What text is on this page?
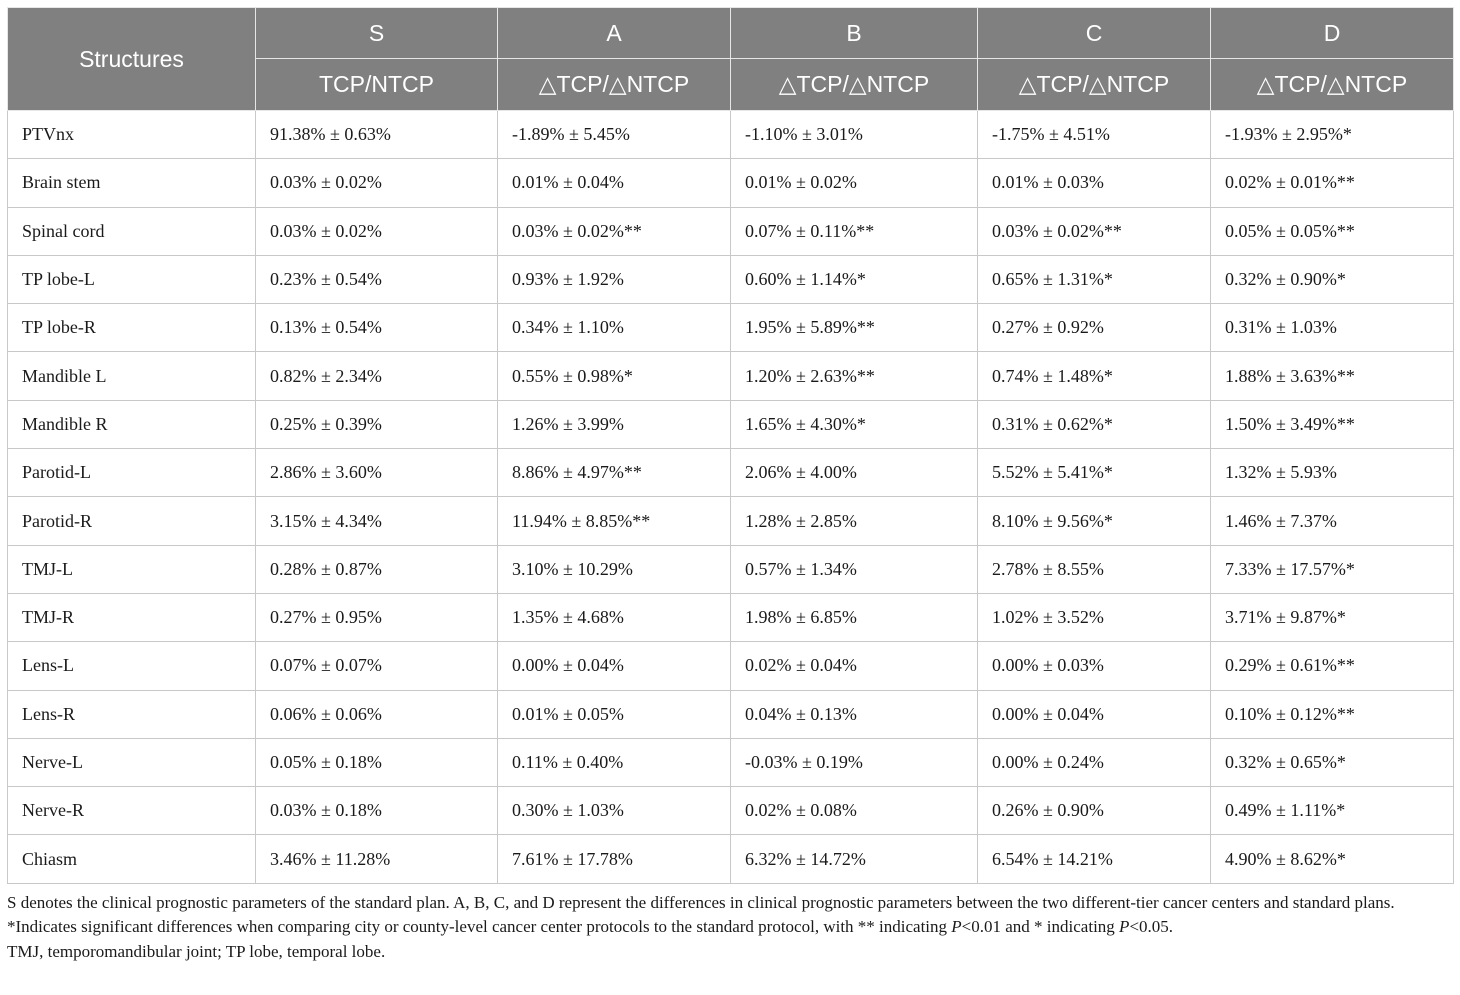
Structures	S	A	B	C	D
	TCP/NTCP	△TCP/△NTCP	△TCP/△NTCP	△TCP/△NTCP	△TCP/△NTCP
PTVnx	91.38% ± 0.63%	-1.89% ± 5.45%	-1.10% ± 3.01%	-1.75% ± 4.51%	-1.93% ± 2.95%*
Brain stem	0.03% ± 0.02%	0.01% ± 0.04%	0.01% ± 0.02%	0.01% ± 0.03%	0.02% ± 0.01%**
Spinal cord	0.03% ± 0.02%	0.03% ± 0.02%**	0.07% ± 0.11%**	0.03% ± 0.02%**	0.05% ± 0.05%**
TP lobe-L	0.23% ± 0.54%	0.93% ± 1.92%	0.60% ± 1.14%*	0.65% ± 1.31%*	0.32% ± 0.90%*
TP lobe-R	0.13% ± 0.54%	0.34% ± 1.10%	1.95% ± 5.89%**	0.27% ± 0.92%	0.31% ± 1.03%
Mandible L	0.82% ± 2.34%	0.55% ± 0.98%*	1.20% ± 2.63%**	0.74% ± 1.48%*	1.88% ± 3.63%**
Mandible R	0.25% ± 0.39%	1.26% ± 3.99%	1.65% ± 4.30%*	0.31% ± 0.62%*	1.50% ± 3.49%**
Parotid-L	2.86% ± 3.60%	8.86% ± 4.97%**	2.06% ± 4.00%	5.52% ± 5.41%*	1.32% ± 5.93%
Parotid-R	3.15% ± 4.34%	11.94% ± 8.85%**	1.28% ± 2.85%	8.10% ± 9.56%*	1.46% ± 7.37%
TMJ-L	0.28% ± 0.87%	3.10% ± 10.29%	0.57% ± 1.34%	2.78% ± 8.55%	7.33% ± 17.57%*
TMJ-R	0.27% ± 0.95%	1.35% ± 4.68%	1.98% ± 6.85%	1.02% ± 3.52%	3.71% ± 9.87%*
Lens-L	0.07% ± 0.07%	0.00% ± 0.04%	0.02% ± 0.04%	0.00% ± 0.03%	0.29% ± 0.61%**
Lens-R	0.06% ± 0.06%	0.01% ± 0.05%	0.04% ± 0.13%	0.00% ± 0.04%	0.10% ± 0.12%**
Nerve-L	0.05% ± 0.18%	0.11% ± 0.40%	-0.03% ± 0.19%	0.00% ± 0.24%	0.32% ± 0.65%*
Nerve-R	0.03% ± 0.18%	0.30% ± 1.03%	0.02% ± 0.08%	0.26% ± 0.90%	0.49% ± 1.11%*
Chiasm	3.46% ± 11.28%	7.61% ± 17.78%	6.32% ± 14.72%	6.54% ± 14.21%	4.90% ± 8.62%*

S denotes the clinical prognostic parameters of the standard plan. A, B, C, and D represent the differences in clinical prognostic parameters between the two different-tier cancer centers and standard plans.

*Indicates significant differences when comparing city or county-level cancer center protocols to the standard protocol, with ** indicating P<0.01 and * indicating P<0.05.

TMJ, temporomandibular joint; TP lobe, temporal lobe.
